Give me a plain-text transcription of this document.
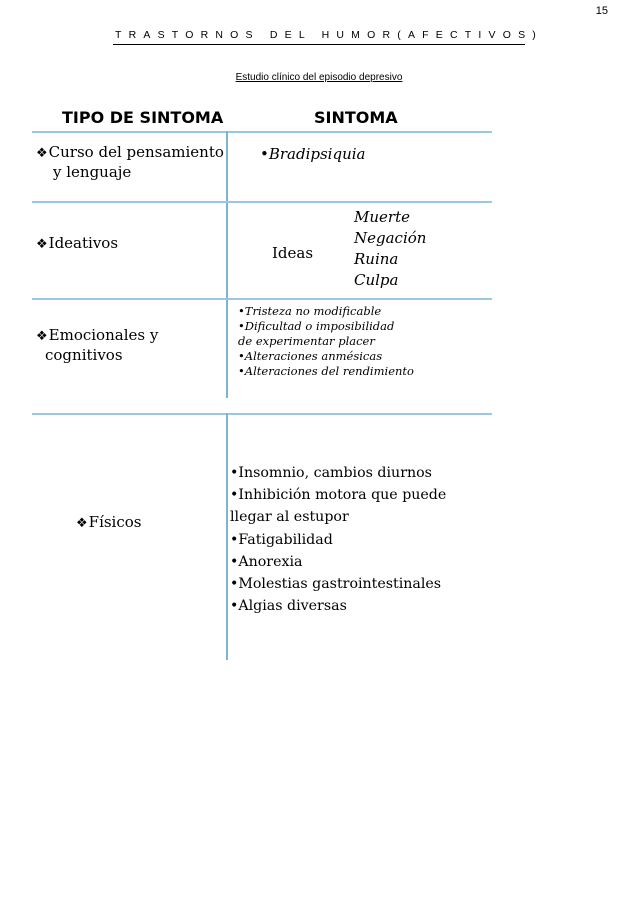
15
TRASTORNOS DEL HUMOR(AFECTIVOS)
Estudio clínico del episodio depresivo
TIPO DE SINTOMA	SINTOMA
❖Curso del pensamiento
y lenguaje
•Bradipsiquia
❖Ideativos
Ideas
Muerte
Negación
Ruina
Culpa
❖Emocionales y
cognitivos
•Tristeza no modificable
•Dificultad o imposibilidad
de experimentar placer
•Alteraciones anmésicas
•Alteraciones del rendimiento
❖Físicos
•Insomnio, cambios diurnos
•Inhibición motora que puede
llegar al estupor
•Fatigabilidad
•Anorexia
•Molestias gastrointestinales
•Algias diversas
